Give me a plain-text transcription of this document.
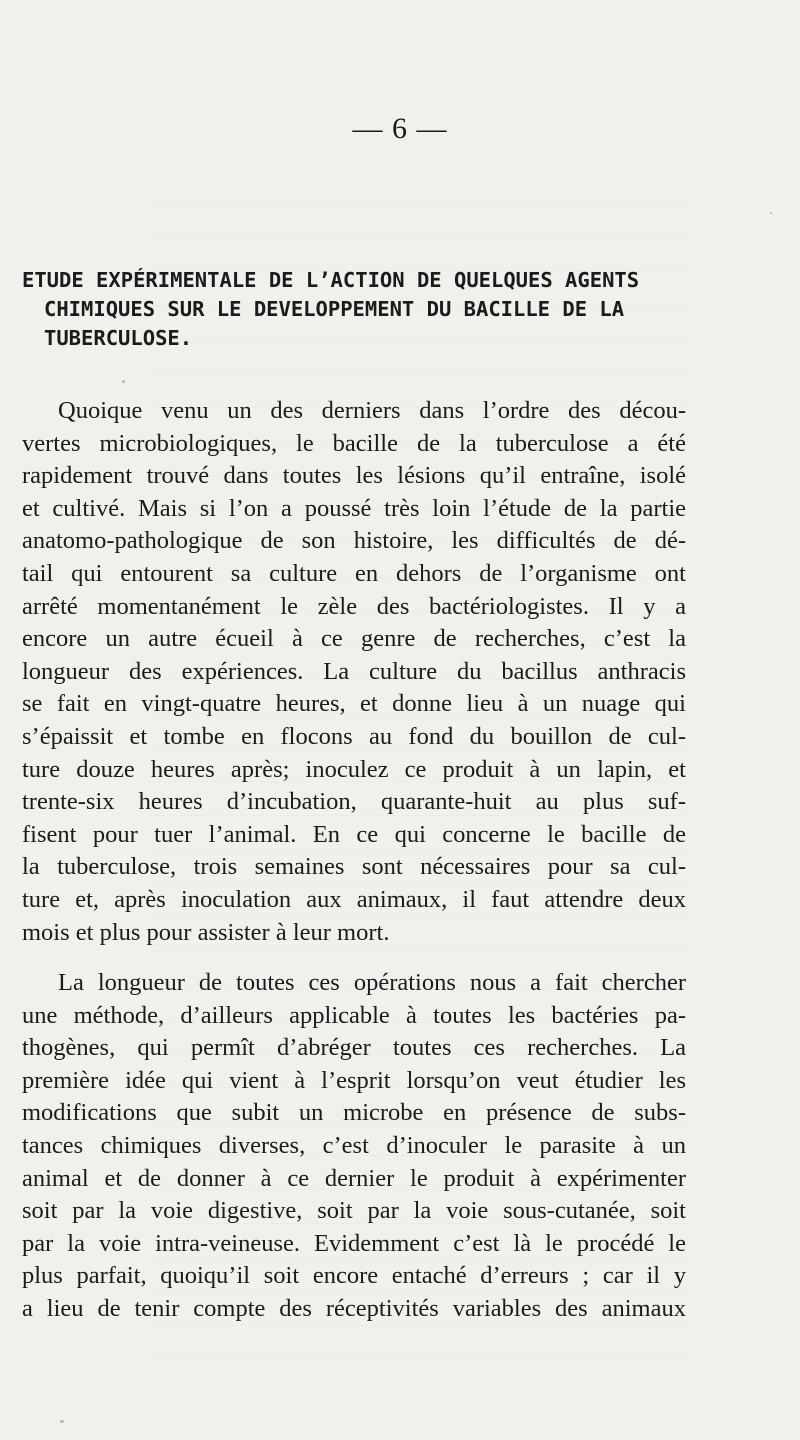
— 6 —
ETUDE EXPÉRIMENTALE DE L’ACTION DE QUELQUES AGENTS
CHIMIQUES SUR LE DEVELOPPEMENT DU BACILLE DE LA
TUBERCULOSE.
Quoique venu un des derniers dans l’ordre des décou-
vertes microbiologiques, le bacille de la tuberculose a été
rapidement trouvé dans toutes les lésions qu’il entraîne, isolé
et cultivé. Mais si l’on a poussé très loin l’étude de la partie
anatomo-pathologique de son histoire, les difficultés de dé-
tail qui entourent sa culture en dehors de l’organisme ont
arrêté momentanément le zèle des bactériologistes. Il y a
encore un autre écueil à ce genre de recherches, c’est la
longueur des expériences. La culture du bacillus anthracis
se fait en vingt-quatre heures, et donne lieu à un nuage qui
s’épaissit et tombe en flocons au fond du bouillon de cul-
ture douze heures après; inoculez ce produit à un lapin, et
trente-six heures d’incubation, quarante-huit au plus suf-
fisent pour tuer l’animal. En ce qui concerne le bacille de
la tuberculose, trois semaines sont nécessaires pour sa cul-
ture et, après inoculation aux animaux, il faut attendre deux
mois et plus pour assister à leur mort.
La longueur de toutes ces opérations nous a fait chercher
une méthode, d’ailleurs applicable à toutes les bactéries pa-
thogènes, qui permît d’abréger toutes ces recherches. La
première idée qui vient à l’esprit lorsqu’on veut étudier les
modifications que subit un microbe en présence de subs-
tances chimiques diverses, c’est d’inoculer le parasite à un
animal et de donner à ce dernier le produit à expérimenter
soit par la voie digestive, soit par la voie sous-cutanée, soit
par la voie intra-veineuse. Evidemment c’est là le procédé le
plus parfait, quoiqu’il soit encore entaché d’erreurs ; car il y
a lieu de tenir compte des réceptivités variables des animaux
